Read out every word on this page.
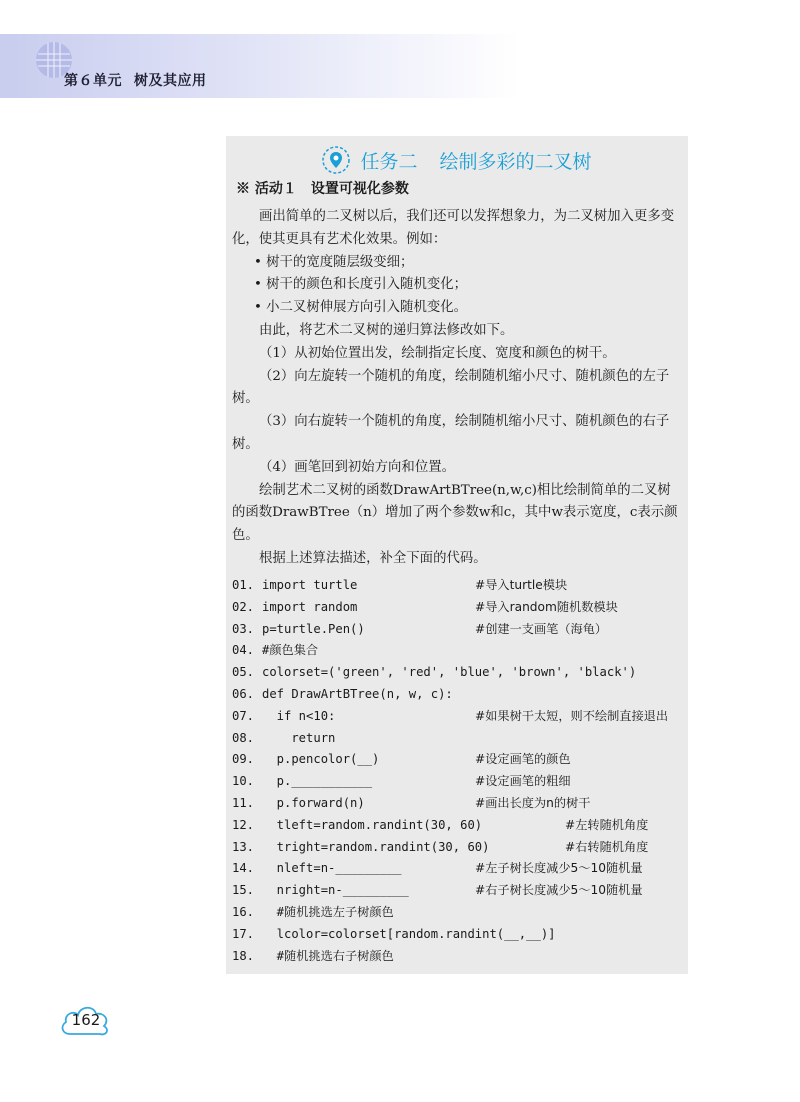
第６单元 树及其应用
任务二 绘制多彩的二叉树
※ 活动１ 设置可视化参数

画出简单的二叉树以后，我们还可以发挥想象力，为二叉树加入更多变化，使其更具有艺术化效果。例如：

• 树干的宽度随层级变细；

• 树干的颜色和长度引入随机变化；

• 小二叉树伸展方向引入随机变化。

由此，将艺术二叉树的递归算法修改如下。

（1）从初始位置出发，绘制指定长度、宽度和颜色的树干。

（2）向左旋转一个随机的角度，绘制随机缩小尺寸、随机颜色的左子树。

（3）向右旋转一个随机的角度，绘制随机缩小尺寸、随机颜色的右子树。

（4）画笔回到初始方向和位置。

绘制艺术二叉树的函数DrawArtBTree(n,w,c)相比绘制简单的二叉树的函数DrawBTree（n）增加了两个参数w和c，其中w表示宽度，c表示颜色。

根据上述算法描述，补全下面的代码。

01. import turtle	#导入turtle模块
02. import random	#导入random随机数模块
03. p=turtle.Pen()	#创建一支画笔（海龟）
04. #颜色集合
05. colorset=('green', 'red', 'blue', 'brown', 'black')
06. def DrawArtBTree(n, w, c):
07. if n<10:	#如果树干太短，则不绘制直接退出
08. return
09. p.pencolor(__)	#设定画笔的颜色
10. p.___________	#设定画笔的粗细
11. p.forward(n)	#画出长度为n的树干
12. tleft=random.randint(30, 60)	#左转随机角度
13. tright=random.randint(30, 60)	#右转随机角度
14. nleft=n-_________	#左子树长度减少5～10随机量
15. nright=n-_________	#右子树长度减少5～10随机量
16. #随机挑选左子树颜色
17. lcolor=colorset[random.randint(__,__)]
18. #随机挑选右子树颜色
162
